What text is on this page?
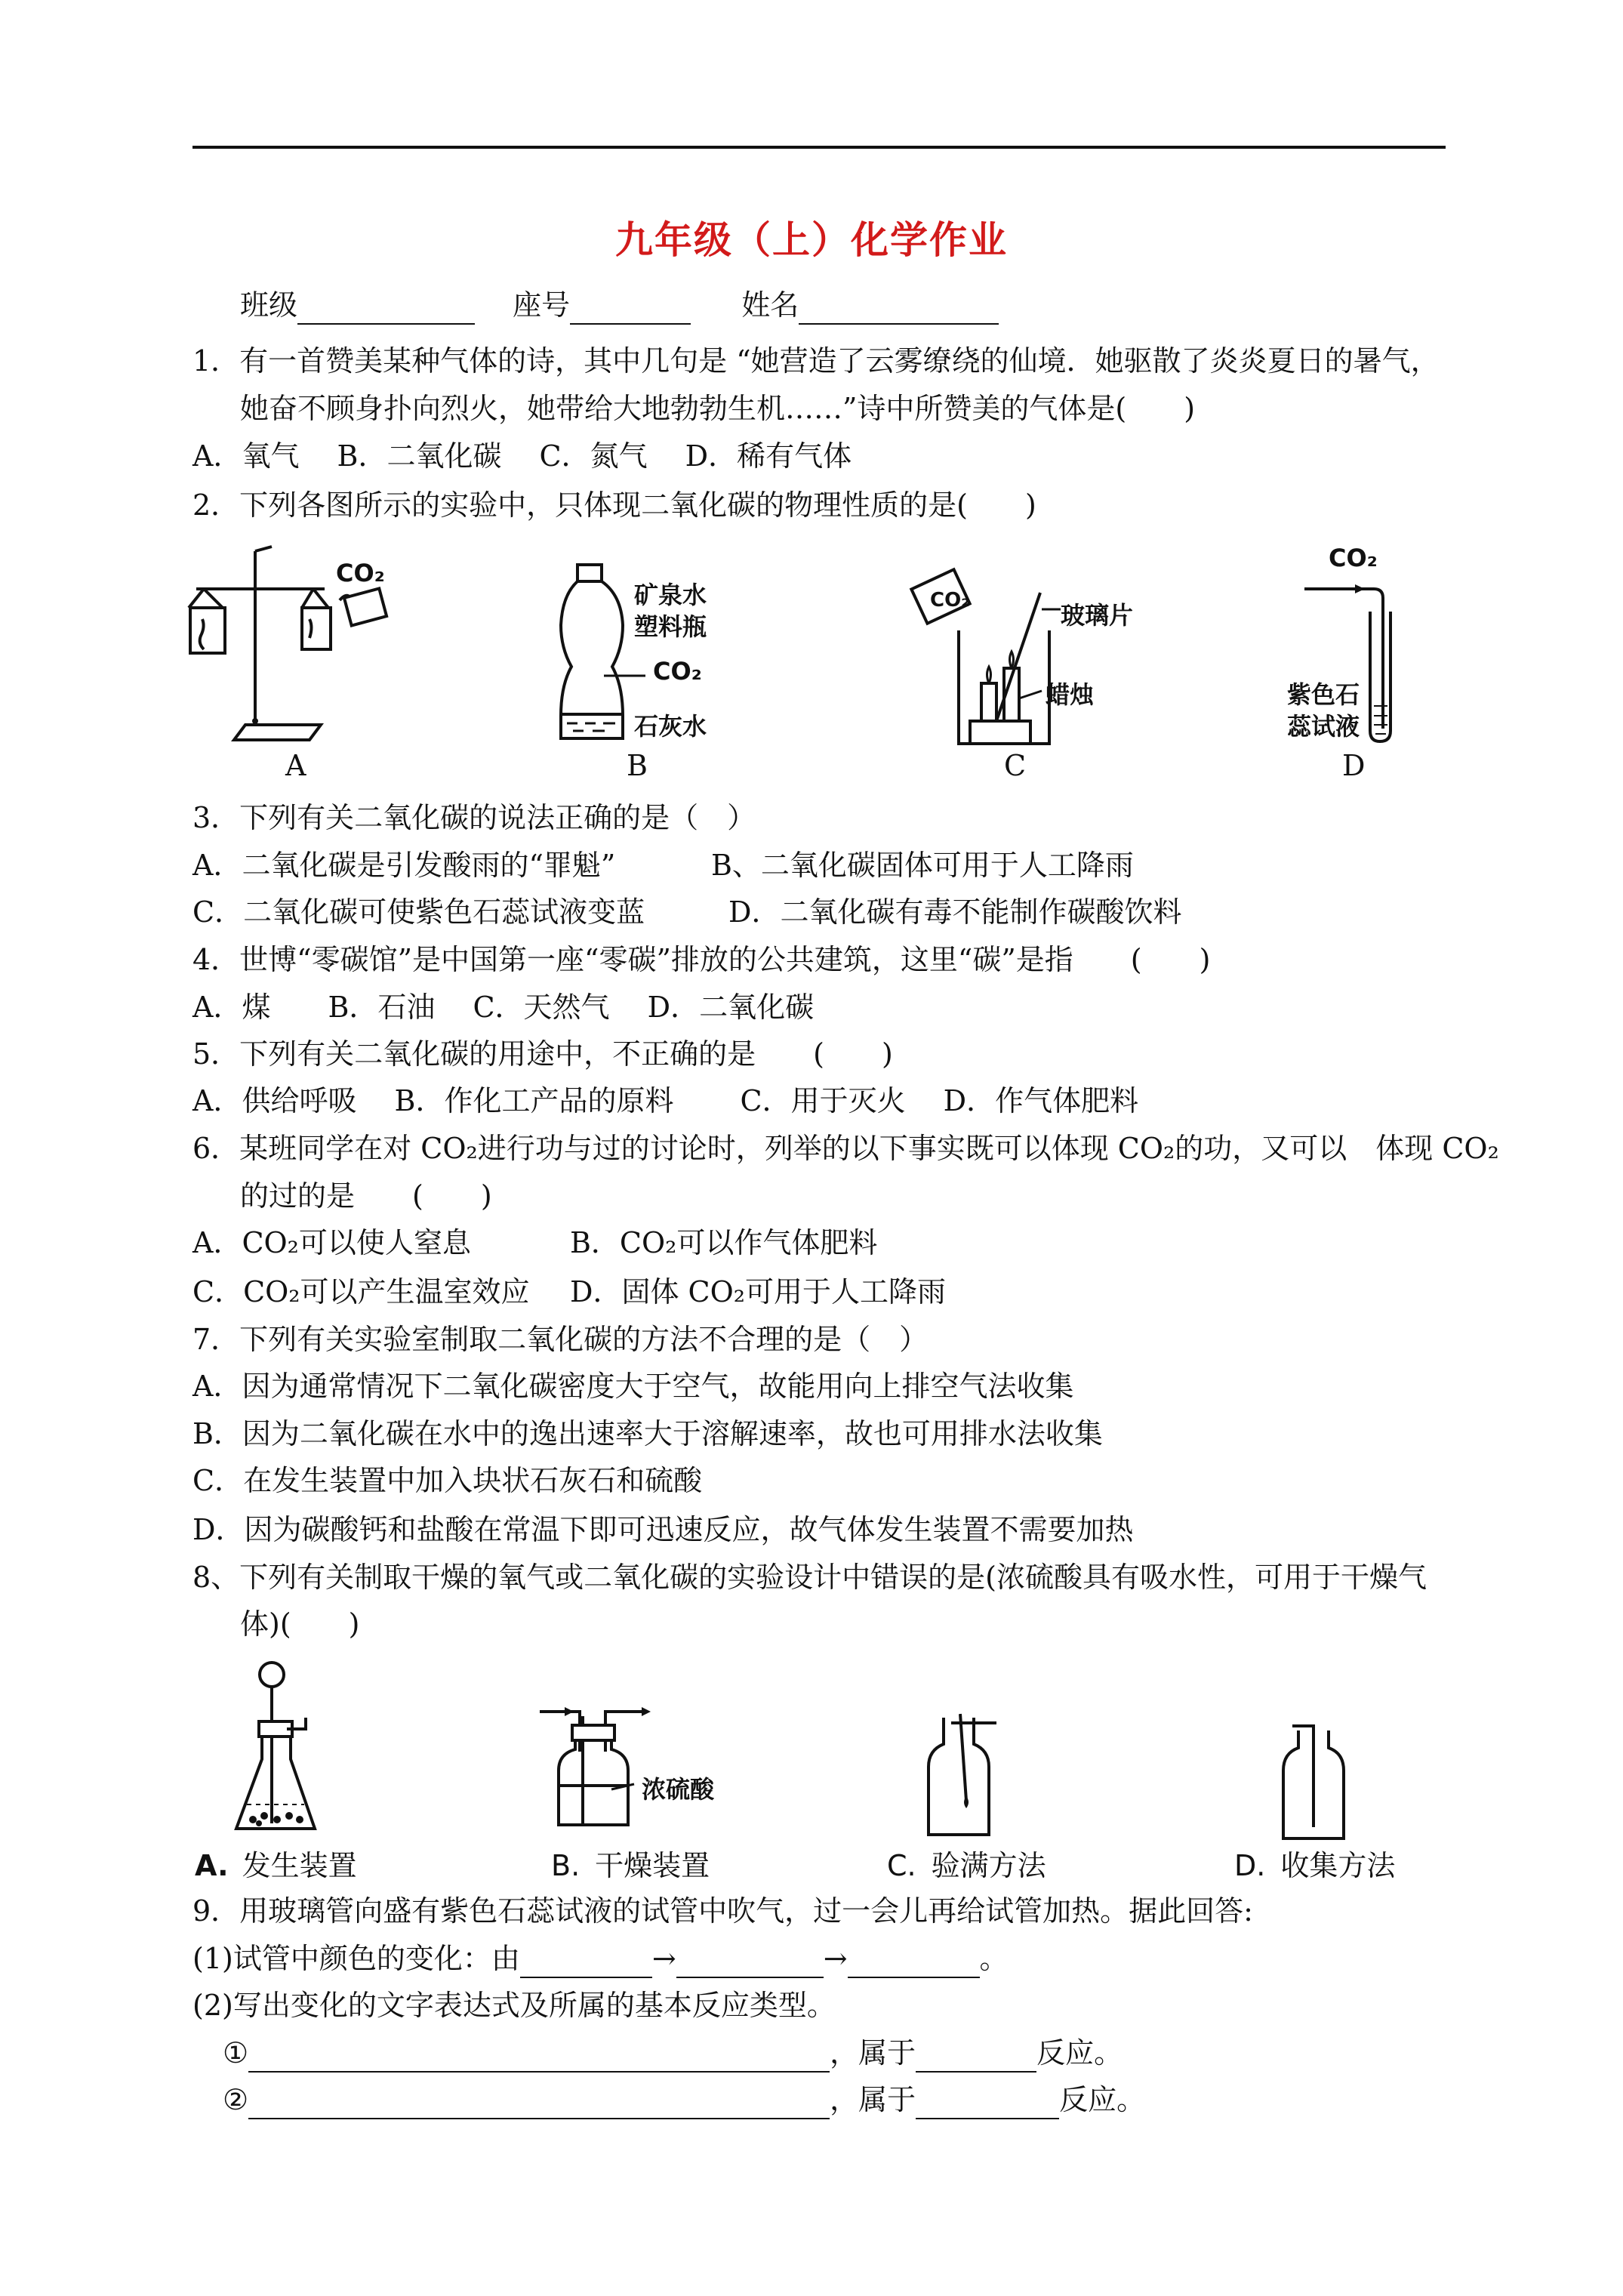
九年级（上）化学作业
班级	座号	姓名
1．有一首赞美某种气体的诗，其中几句是 “她营造了云雾缭绕的仙境．她驱散了炎炎夏日的暑气，
她奋不顾身扑向烈火，她带给大地勃勃生机……”诗中所赞美的气体是(　　)
A．氧气　 B．二氧化碳　 C．氮气　 D．稀有气体
2．下列各图所示的实验中，只体现二氧化碳的物理性质的是(　　)
CO₂
A
矿泉水
塑料瓶
CO₂
石灰水
B
CO₂
玻璃片
蜡烛
C
CO₂
紫色石
蕊试液
D
3．下列有关二氧化碳的说法正确的是（　）
A．二氧化碳是引发酸雨的“罪魁”	B、二氧化碳固体可用于人工降雨
C．二氧化碳可使紫色石蕊试液变蓝	D．二氧化碳有毒不能制作碳酸饮料
4．世博“零碳馆”是中国第一座“零碳”排放的公共建筑，这里“碳”是指　　(　　)
A．煤　　B．石油　 C．天然气　 D．二氧化碳
5．下列有关二氧化碳的用途中，不正确的是　　(　　)
A．供给呼吸　 B．作化工产品的原料　　 C．用于灭火　 D．作气体肥料
6．某班同学在对 CO₂进行功与过的讨论时，列举的以下事实既可以体现 CO₂的功，又可以　体现 CO₂
的过的是　　(　　)
A．CO₂可以使人窒息	B．CO₂可以作气体肥料
C．CO₂可以产生温室效应 D．固体 CO₂可用于人工降雨
7．下列有关实验室制取二氧化碳的方法不合理的是（　）
A．因为通常情况下二氧化碳密度大于空气，故能用向上排空气法收集
B．因为二氧化碳在水中的逸出速率大于溶解速率，故也可用排水法收集
C．在发生装置中加入块状石灰石和硫酸
D．因为碳酸钙和盐酸在常温下即可迅速反应，故气体发生装置不需要加热
8、下列有关制取干燥的氧气或二氧化碳的实验设计中错误的是(浓硫酸具有吸水性，可用于干燥气
体)(　　)
浓硫酸
A. 发生装置	B. 干燥装置	C. 验满方法	D. 收集方法
9．用玻璃管向盛有紫色石蕊试液的试管中吹气，过一会儿再给试管加热。据此回答:
(1)试管中颜色的变化：由	→	→	。
(2)写出变化的文字表达式及所属的基本反应类型。
①	，属于	反应。
②	，属于	反应。
